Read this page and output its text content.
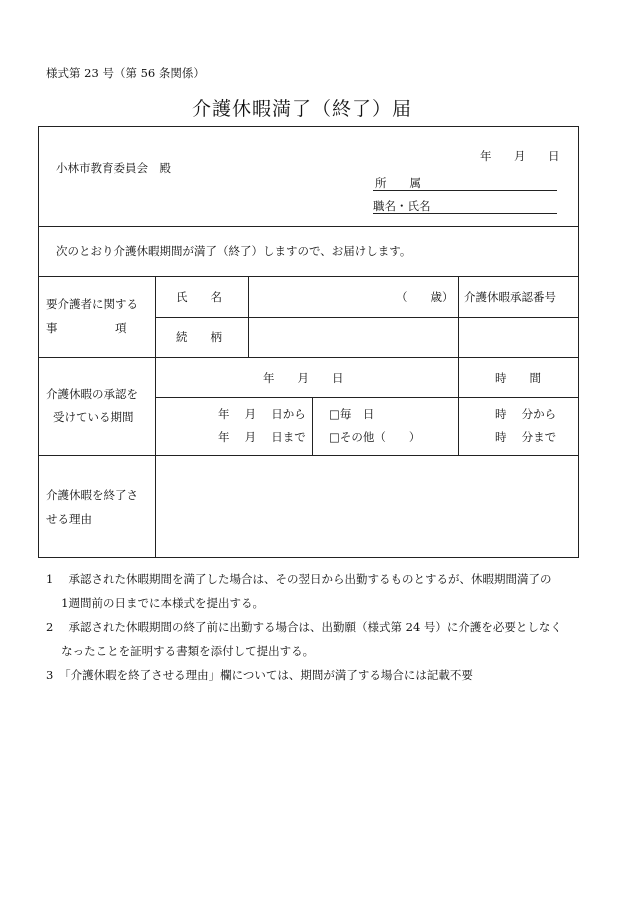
様式第 23 号（第 56 条関係）
介護休暇満了（終了）届
小林市教育委員会　殿
年 月 日
所　　属
職名・氏名
次のとおり介護休暇期間が満了（終了）しますので、お届けします。
要介護者に関する
事　　　　　項
氏　　名	（　　歳） 介護休暇承認番号
続　　柄
介護休暇の承認を
受けている期間
年　　月　　日	時　　間
年　 月　 日から
年　 月　 日まで
□毎　日
□その他（　　）
時　 分から
時　 分まで
介護休暇を終了さ
せる理由
1　 承認された休暇期間を満了した場合は、その翌日から出勤するものとするが、休暇期間満了の
　 1週間前の日までに本様式を提出する。
2　 承認された休暇期間の終了前に出勤する場合は、出勤願（様式第 24 号）に介護を必要としなく
　 なったことを証明する書類を添付して提出する。
3　「介護休暇を終了させる理由」欄については、期間が満了する場合には記載不要
